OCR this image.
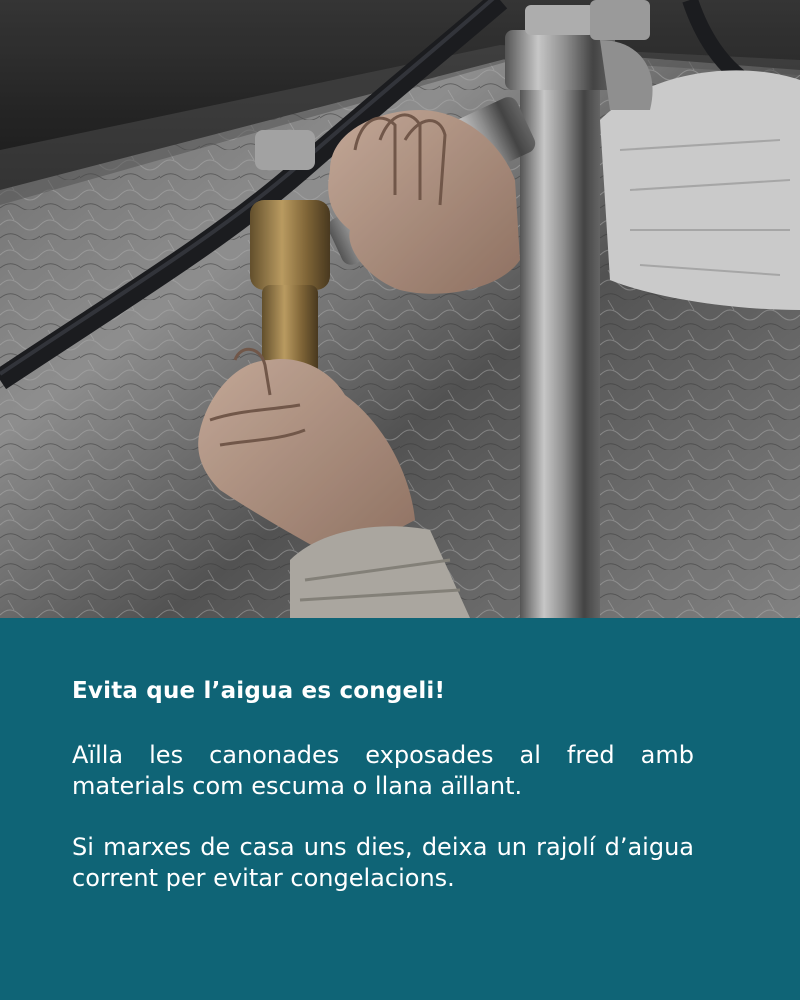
Evita que l’aigua es congeli!

Aïlla les canonades exposades al fred amb materials com escuma o llana aïllant.

Si marxes de casa uns dies, deixa un rajolí d’aigua corrent per evitar congelacions.
